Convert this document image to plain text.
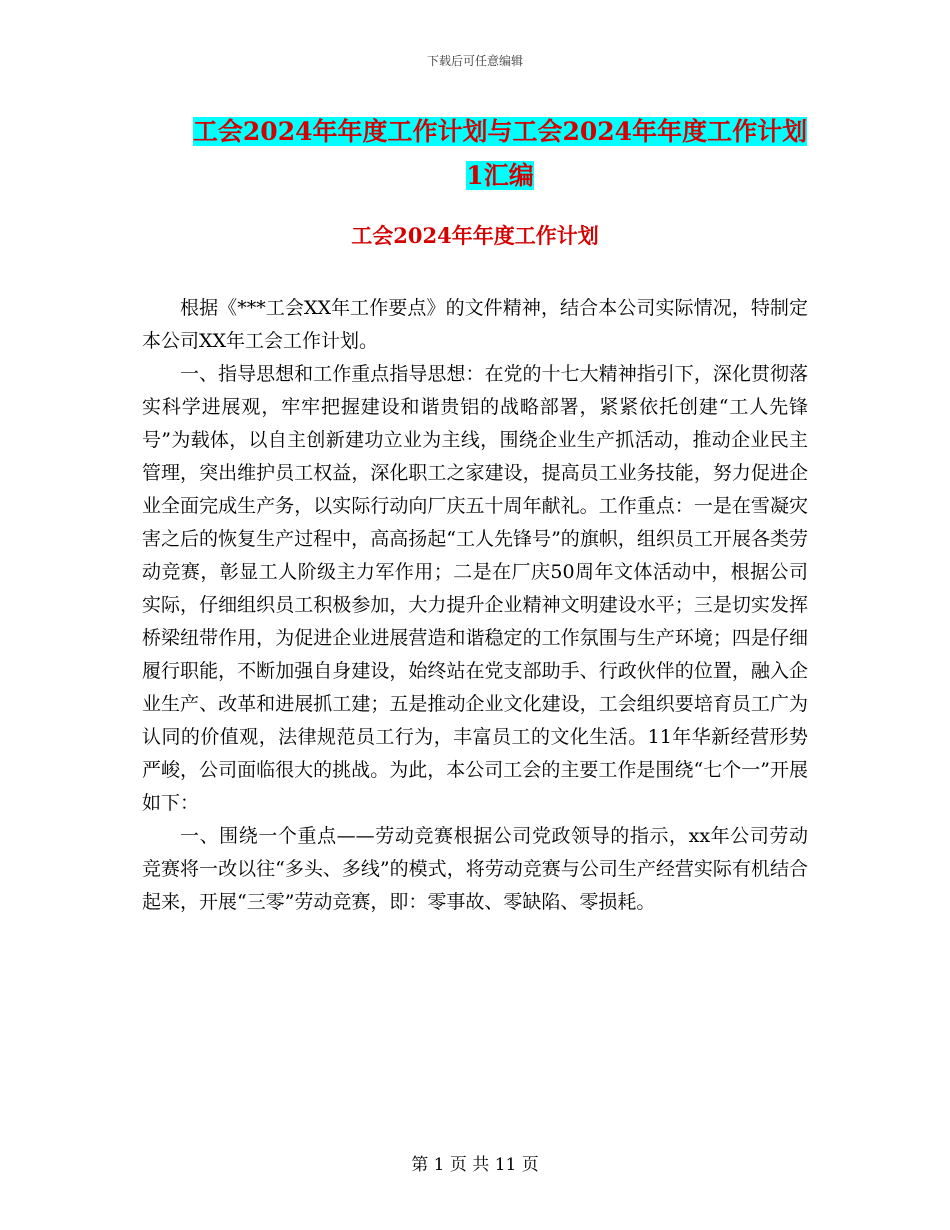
下载后可任意编辑
工会2024年年度工作计划与工会2024年年度工作计划1汇编
工会2024年年度工作计划

根据《***工会XX年工作要点》的文件精神，结合本公司实际情况，特制定本公司XX年工会工作计划。

一、指导思想和工作重点指导思想：在党的十七大精神指引下，深化贯彻落实科学进展观，牢牢把握建设和谐贵铝的战略部署，紧紧依托创建“工人先锋号”为载体，以自主创新建功立业为主线，围绕企业生产抓活动，推动企业民主管理，突出维护员工权益，深化职工之家建设，提高员工业务技能，努力促进企业全面完成生产务，以实际行动向厂庆五十周年献礼。工作重点：一是在雪凝灾害之后的恢复生产过程中，高高扬起“工人先锋号”的旗帜，组织员工开展各类劳动竞赛，彰显工人阶级主力军作用；二是在厂庆50周年文体活动中，根据公司实际，仔细组织员工积极参加，大力提升企业精神文明建设水平；三是切实发挥桥梁纽带作用，为促进企业进展营造和谐稳定的工作氛围与生产环境；四是仔细履行职能，不断加强自身建设，始终站在党支部助手、行政伙伴的位置，融入企业生产、改革和进展抓工建；五是推动企业文化建设，工会组织要培育员工广为认同的价值观，法律规范员工行为，丰富员工的文化生活。11年华新经营形势严峻，公司面临很大的挑战。为此，本公司工会的主要工作是围绕“七个一”开展如下：

一、围绕一个重点——劳动竞赛根据公司党政领导的指示，xx年公司劳动竞赛将一改以往“多头、多线”的模式，将劳动竞赛与公司生产经营实际有机结合起来，开展“三零”劳动竞赛，即：零事故、零缺陷、零损耗。

第 1 页 共 11 页
